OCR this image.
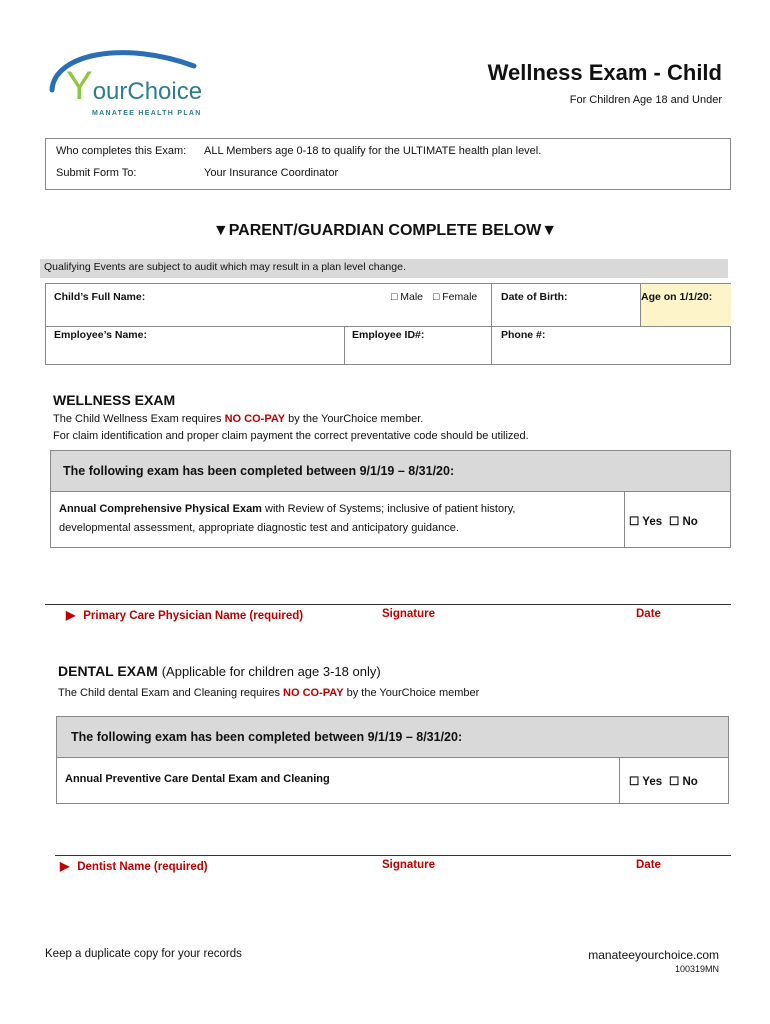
YourChoice
MANATEE HEALTH PLAN
Wellness Exam - Child
For Children Age 18 and Under
Who completes this Exam: ALL Members age 0-18 to qualify for the ULTIMATE health plan level.
Submit Form To:	Your Insurance Coordinator
▼PARENT/GUARDIAN COMPLETE BELOW▼
Qualifying Events are subject to audit which may result in a plan level change.
Child’s Full Name:	□ Male □ Female Date of Birth:	Age on 1/1/20:
Employee’s Name:	Employee ID#:	Phone #:
WELLNESS EXAM
The Child Wellness Exam requires NO CO-PAY by the YourChoice member.
For claim identification and proper claim payment the correct preventative code should be utilized.
The following exam has been completed between 9/1/19 – 8/31/20:
Annual Comprehensive Physical Exam with Review of Systems; inclusive of patient history,
developmental assessment, appropriate diagnostic test and anticipatory guidance.	☐ Yes ☐ No
▶ Primary Care Physician Name (required)	Signature	Date
DENTAL EXAM (Applicable for children age 3-18 only)
The Child dental Exam and Cleaning requires NO CO-PAY by the YourChoice member
The following exam has been completed between 9/1/19 – 8/31/20:
Annual Preventive Care Dental Exam and Cleaning	☐ Yes ☐ No
▶ Dentist Name (required)	Signature	Date
Keep a duplicate copy for your records	manateeyourchoice.com
100319MN
